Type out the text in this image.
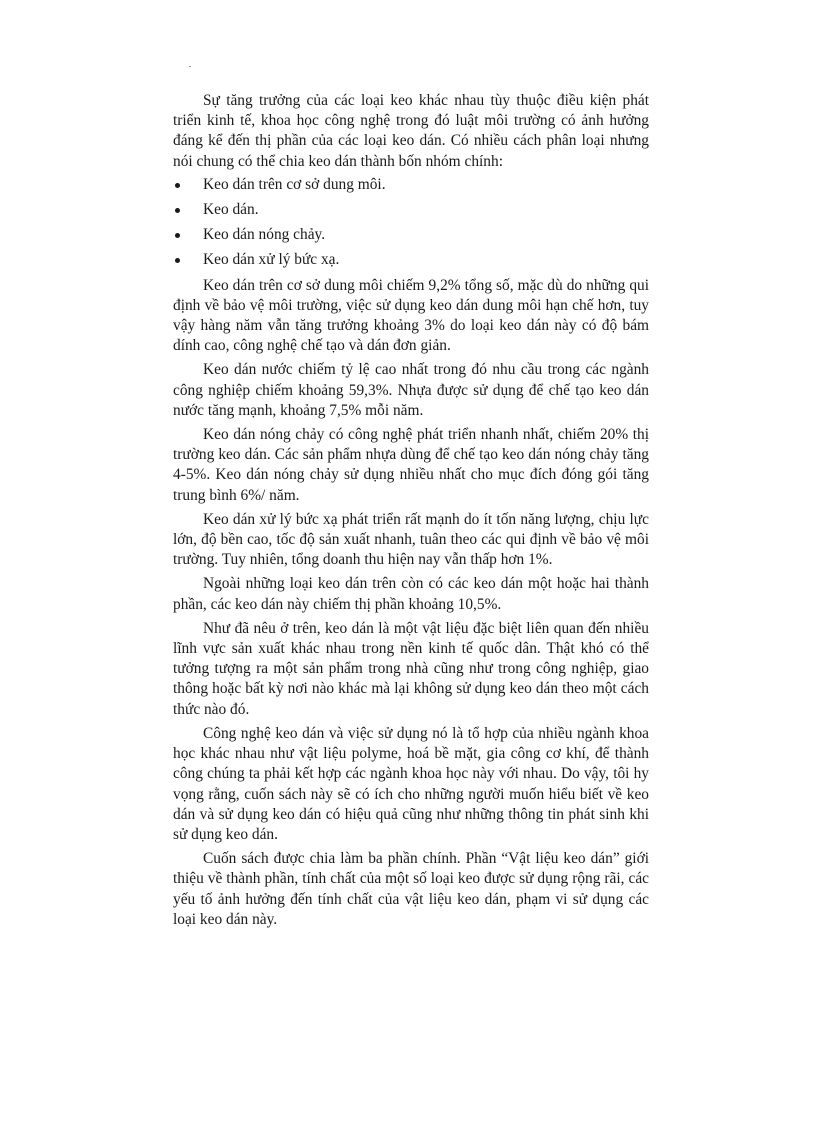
Sự tăng trưởng của các loại keo khác nhau tùy thuộc điều kiện phát triển kinh tế, khoa học công nghệ trong đó luật môi trường có ảnh hưởng đáng kể đến thị phần của các loại keo dán. Có nhiều cách phân loại nhưng nói chung có thể chia keo dán thành bốn nhóm chính:

Keo dán trên cơ sở dung môi.
Keo dán.
Keo dán nóng chảy.
Keo dán xử lý bức xạ.

Keo dán trên cơ sở dung môi chiếm 9,2% tổng số, mặc dù do những qui định về bảo vệ môi trường, việc sử dụng keo dán dung môi hạn chế hơn, tuy vậy hàng năm vẫn tăng trưởng khoảng 3% do loại keo dán này có độ bám dính cao, công nghệ chế tạo và dán đơn giản.

Keo dán nước chiếm tỷ lệ cao nhất trong đó nhu cầu trong các ngành công nghiệp chiếm khoảng 59,3%. Nhựa được sử dụng để chế tạo keo dán nước tăng mạnh, khoảng 7,5% mỗi năm.

Keo dán nóng chảy có công nghệ phát triển nhanh nhất, chiếm 20% thị trường keo dán. Các sản phẩm nhựa dùng để chế tạo keo dán nóng chảy tăng 4-5%. Keo dán nóng chảy sử dụng nhiều nhất cho mục đích đóng gói tăng trung bình 6%/ năm.

Keo dán xử lý bức xạ phát triển rất mạnh do ít tốn năng lượng, chịu lực lớn, độ bền cao, tốc độ sản xuất nhanh, tuân theo các qui định về bảo vệ môi trường. Tuy nhiên, tổng doanh thu hiện nay vẫn thấp hơn 1%.

Ngoài những loại keo dán trên còn có các keo dán một hoặc hai thành phần, các keo dán này chiếm thị phần khoảng 10,5%.

Như đã nêu ở trên, keo dán là một vật liệu đặc biệt liên quan đến nhiều lĩnh vực sản xuất khác nhau trong nền kinh tế quốc dân. Thật khó có thể tưởng tượng ra một sản phẩm trong nhà cũng như trong công nghiệp, giao thông hoặc bất kỳ nơi nào khác mà lại không sử dụng keo dán theo một cách thức nào đó.

Công nghệ keo dán và việc sử dụng nó là tổ hợp của nhiều ngành khoa học khác nhau như vật liệu polyme, hoá bề mặt, gia công cơ khí, để thành công chúng ta phải kết hợp các ngành khoa học này với nhau. Do vậy, tôi hy vọng rằng, cuốn sách này sẽ có ích cho những người muốn hiểu biết về keo dán và sử dụng keo dán có hiệu quả cũng như những thông tin phát sinh khi sử dụng keo dán.

Cuốn sách được chia làm ba phần chính. Phần “Vật liệu keo dán” giới thiệu về thành phần, tính chất của một số loại keo được sử dụng rộng rãi, các yếu tố ảnh hưởng đến tính chất của vật liệu keo dán, phạm vi sử dụng các loại keo dán này.
